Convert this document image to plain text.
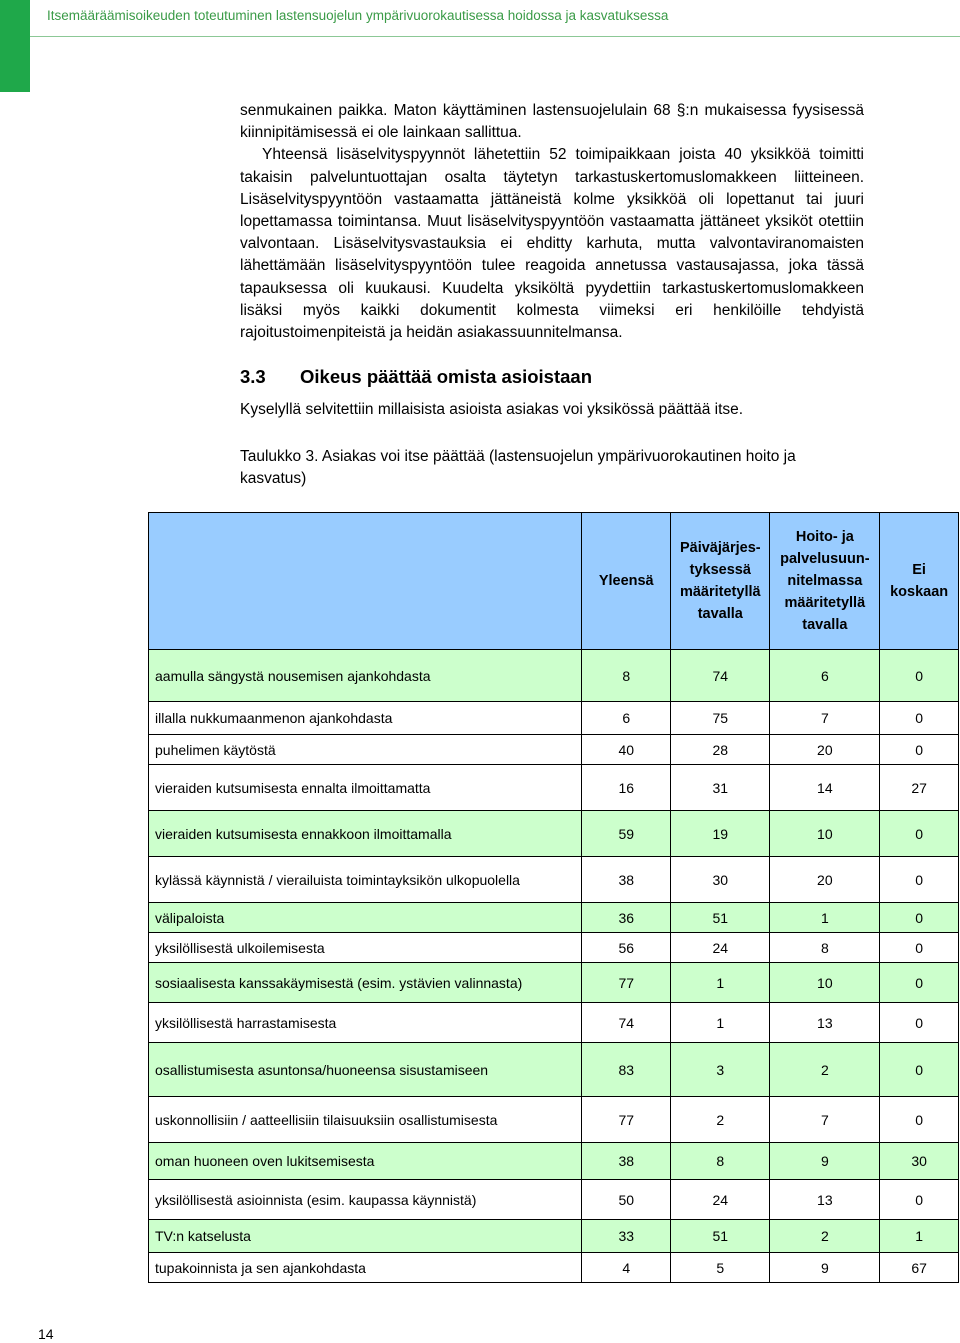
Itsemääräämisoikeuden toteutuminen lastensuojelun ympärivuorokautisessa hoidossa ja kasvatuksessa

senmukainen paikka. Maton käyttäminen lastensuojelulain 68 §:n mukaisessa fyysisessä kiinnipitämisessä ei ole lainkaan sallittua.

Yhteensä lisäselvityspyynnöt lähetettiin 52 toimipaikkaan joista 40 yksikköä toimitti takaisin palveluntuottajan osalta täytetyn tarkastuskertomuslomakkeen liitteineen. Lisäselvityspyyntöön vastaamatta jättäneistä kolme yksikköä oli lopettanut tai juuri lopettamassa toimintansa. Muut lisäselvityspyyntöön vastaamatta jättäneet yksiköt otettiin valvontaan. Lisäselvitysvastauksia ei ehditty karhuta, mutta valvontaviranomaisten lähettämään lisäselvityspyyntöön tulee reagoida annetussa vastausajassa, joka tässä tapauksessa oli kuukausi. Kuudelta yksiköltä pyydettiin tarkastuskertomuslomakkeen lisäksi myös kaikki dokumentit kolmesta viimeksi eri henkilöille tehdyistä rajoitustoimenpiteistä ja heidän asiakassuunnitelmansa.

3.3 Oikeus päättää omista asioistaan
Kyselyllä selvitettiin millaisista asioista asiakas voi yksikössä päättää itse.
Taulukko 3. Asiakas voi itse päättää (lastensuojelun ympärivuorokautinen hoito ja kasvatus)
	Yleensä	Päiväjärjes-tyksessä määritetyllä tavalla	Hoito- ja palvelusuun-nitelmassa määritetyllä tavalla	Ei koskaan
aamulla sängystä nousemisen ajankohdasta	8	74	6	0
illalla nukkumaanmenon ajankohdasta	6	75	7	0
puhelimen käytöstä	40	28	20	0
vieraiden kutsumisesta ennalta ilmoittamatta	16	31	14	27
vieraiden kutsumisesta ennakkoon ilmoittamalla	59	19	10	0
kylässä käynnistä / vierailuista toimintayksikön ulkopuolella	38	30	20	0
välipaloista	36	51	1	0
yksilöllisestä ulkoilemisesta	56	24	8	0
sosiaalisesta kanssakäymisestä (esim. ystävien valinnasta)	77	1	10	0
yksilöllisestä harrastamisesta	74	1	13	0
osallistumisesta asuntonsa/huoneensa sisustamiseen	83	3	2	0
uskonnollisiin / aatteellisiin tilaisuuksiin osallistumisesta	77	2	7	0
oman huoneen oven lukitsemisesta	38	8	9	30
yksilöllisestä asioinnista (esim. kaupassa käynnistä)	50	24	13	0
TV:n katselusta	33	51	2	1
tupakoinnista ja sen ajankohdasta	4	5	9	67
14
